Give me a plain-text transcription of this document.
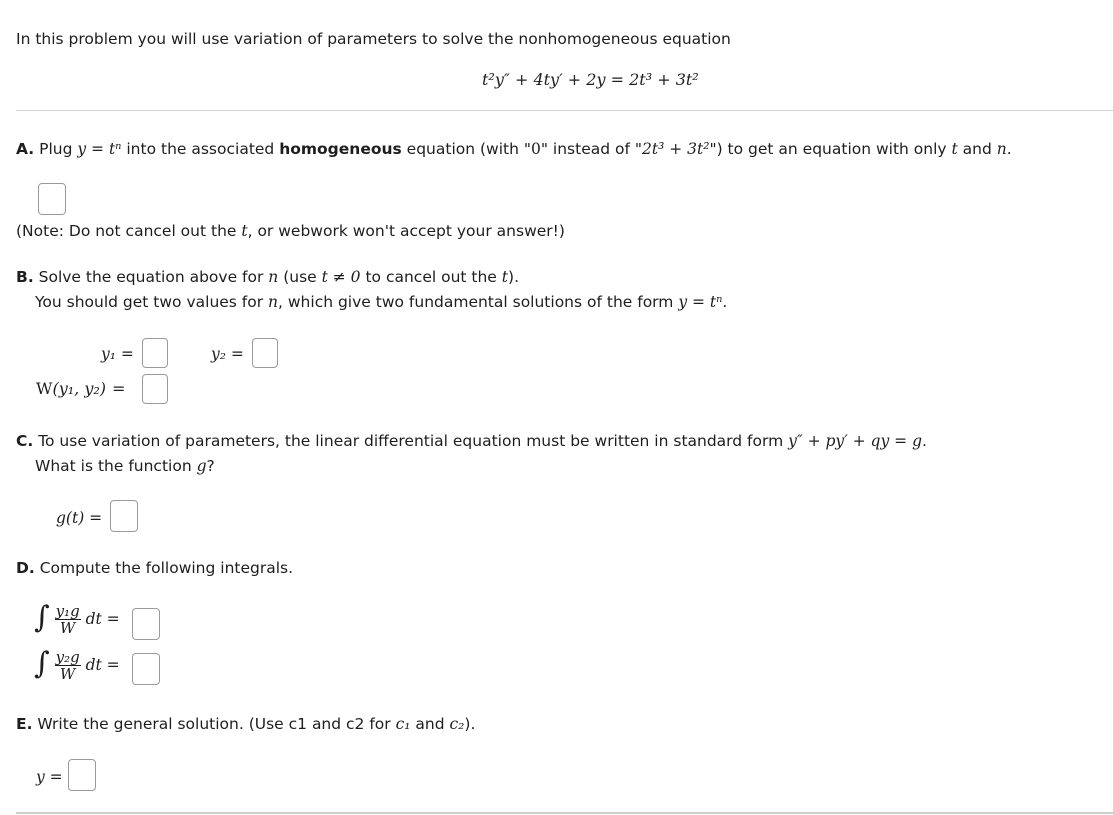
In this problem you will use variation of parameters to solve the nonhomogeneous equation
t²y″ + 4ty′ + 2y = 2t³ + 3t²
A. Plug y = tⁿ into the associated homogeneous equation (with "0" instead of "2t³ + 3t²") to get an equation with only t and n.
(Note: Do not cancel out the t, or webwork won't accept your answer!)
B. Solve the equation above for n (use t ≠ 0 to cancel out the t).
You should get two values for n, which give two fundamental solutions of the form y = tⁿ.
y₁ =	y₂ =
W(y₁, y₂) =
C. To use variation of parameters, the linear differential equation must be written in standard form y″ + py′ + qy = g.
What is the function g?
g(t) =
D. Compute the following integrals.
∫ $\frac{\text{y₁g}}{W}$ dt =
∫ $\frac{\text{y₂g}}{W}$ dt =
E. Write the general solution. (Use c1 and c2 for c₁ and c₂).
y =
